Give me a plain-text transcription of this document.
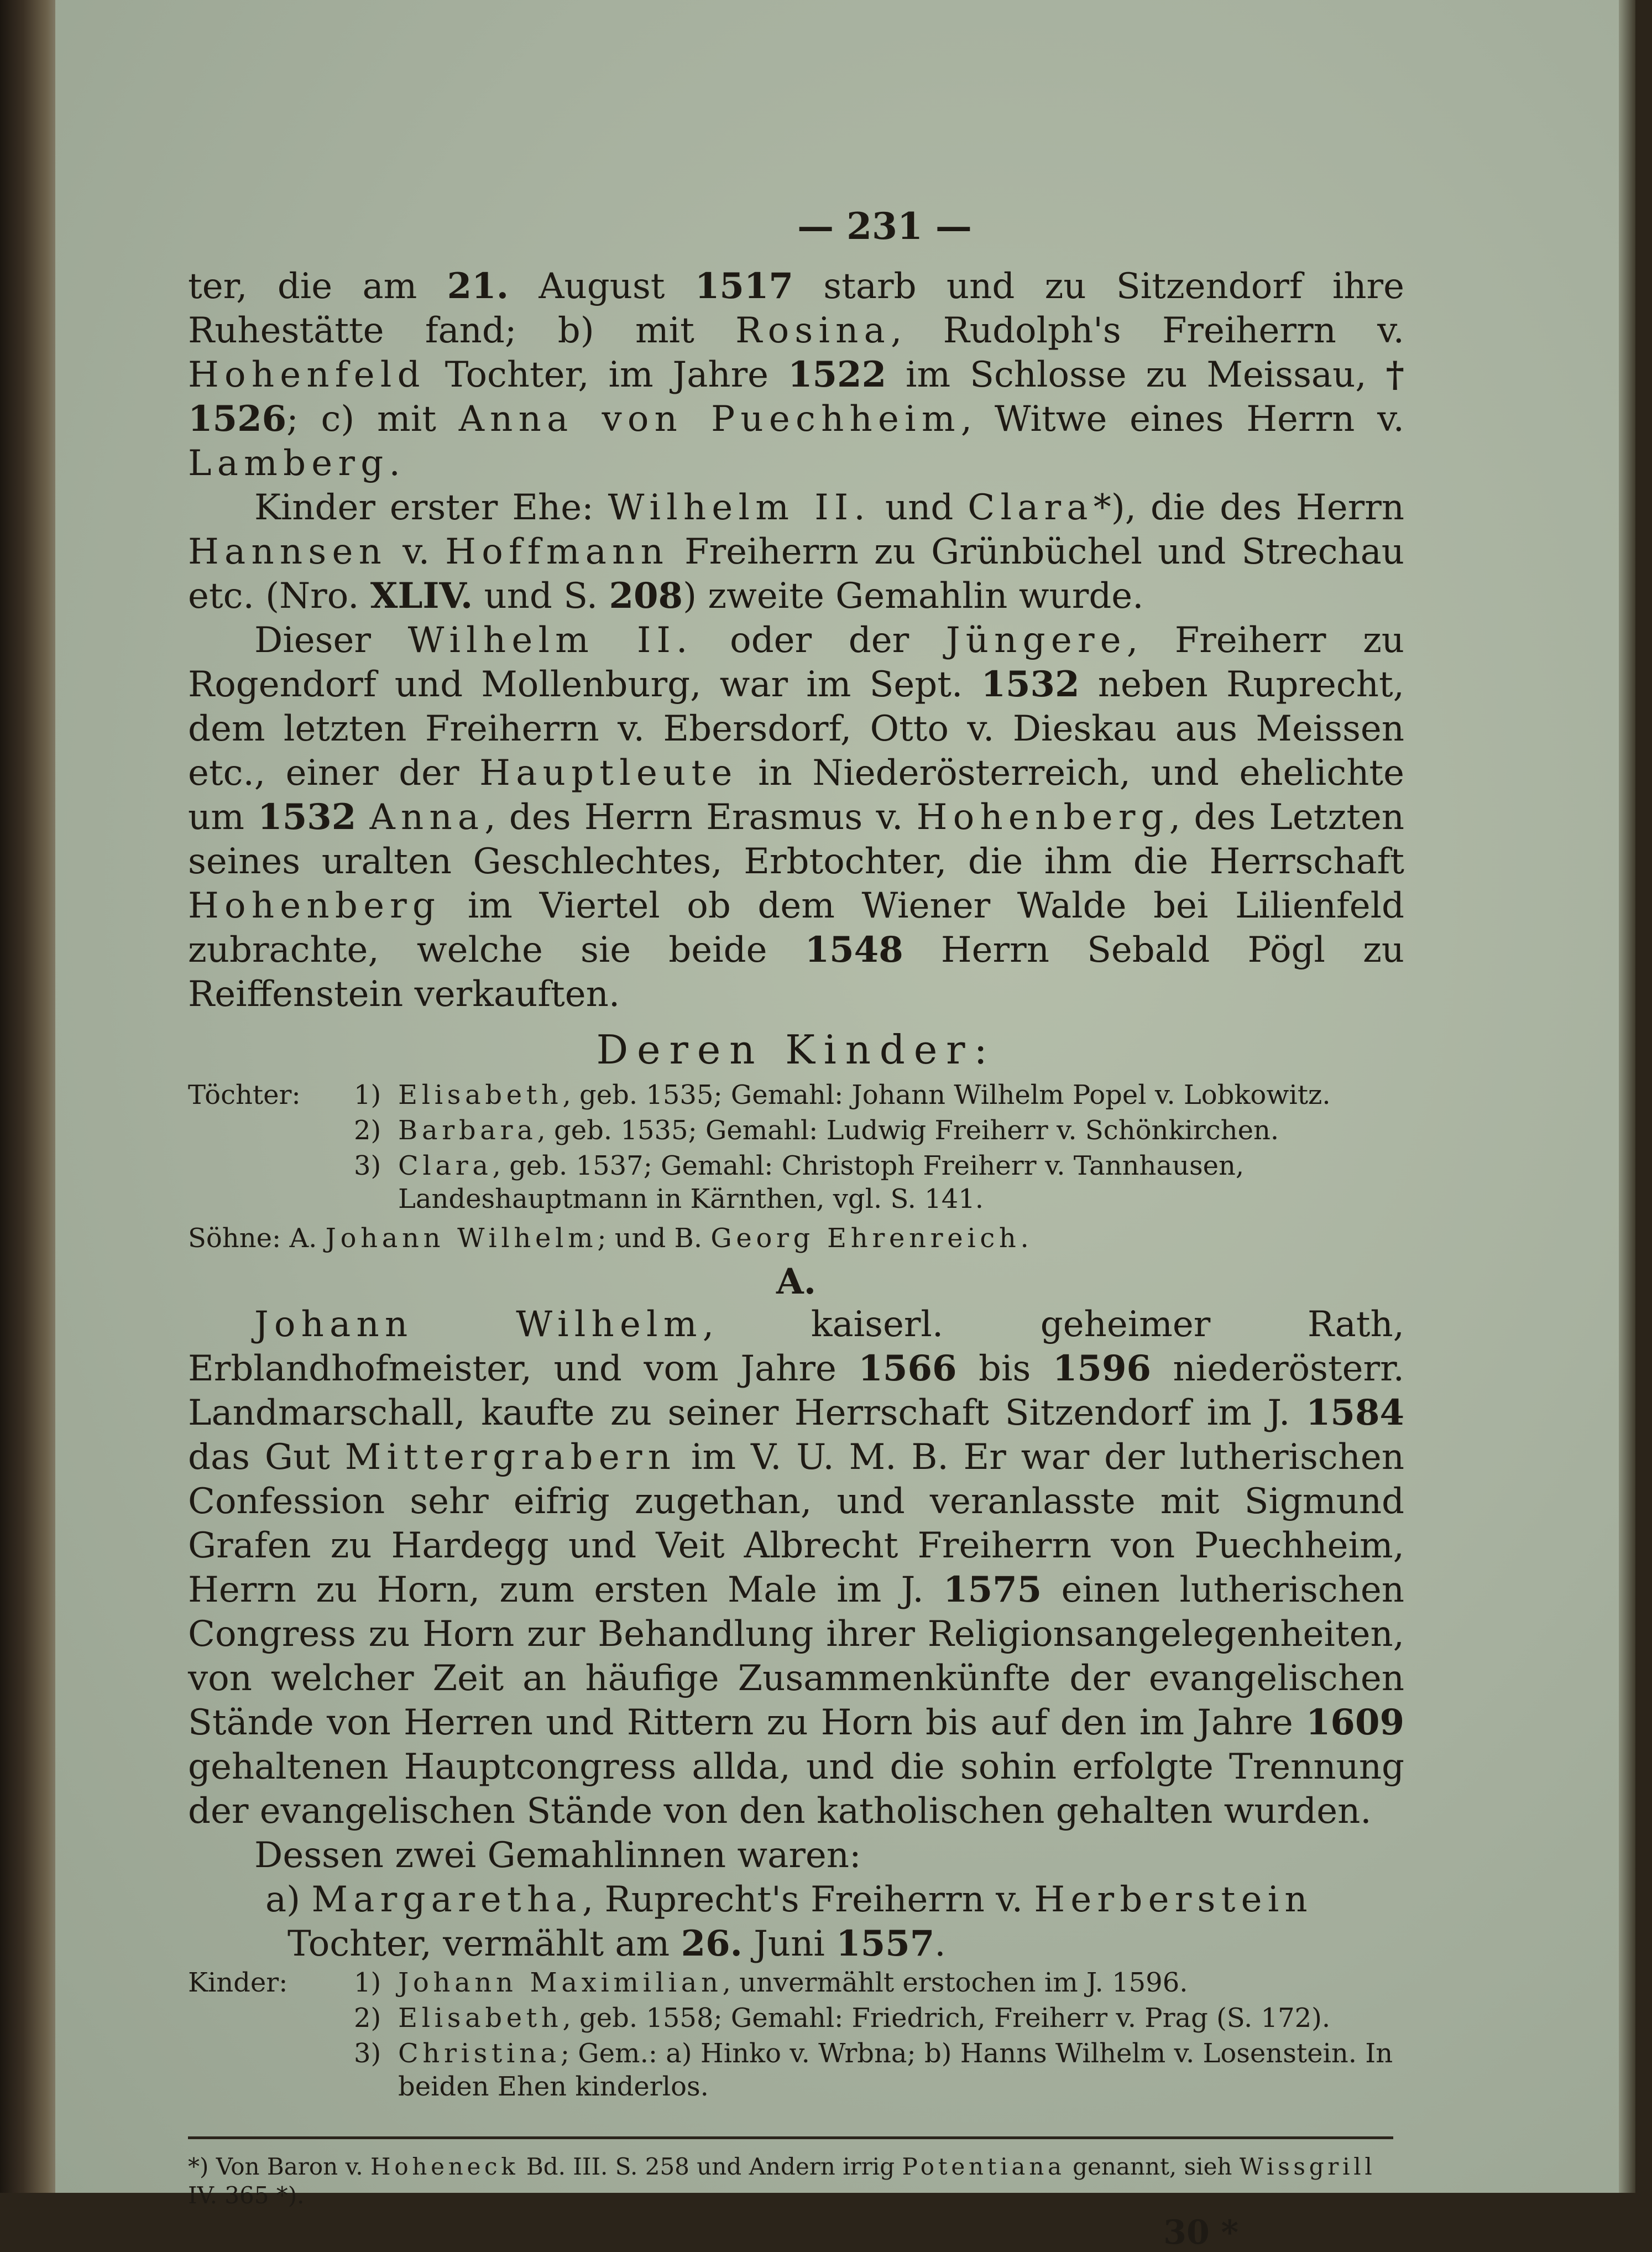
— 231 —

ter, die am 21. August 1517 starb und zu Sitzendorf ihre Ruhestätte fand; b) mit Rosina, Rudolph's Freiherrn v. Hohenfeld Tochter, im Jahre 1522 im Schlosse zu Meissau, † 1526; c) mit Anna von Puechheim, Witwe eines Herrn v. Lamberg.

Kinder erster Ehe: Wilhelm II. und Clara*), die des Herrn Hannsen v. Hoffmann Freiherrn zu Grünbüchel und Strechau etc. (Nro. XLIV. und S. 208) zweite Gemahlin wurde.

Dieser Wilhelm II. oder der Jüngere, Freiherr zu Rogendorf und Mollenburg, war im Sept. 1532 neben Ruprecht, dem letzten Freiherrn v. Ebersdorf, Otto v. Dieskau aus Meissen etc., einer der Hauptleute in Niederösterreich, und ehelichte um 1532 Anna, des Herrn Erasmus v. Hohenberg, des Letzten seines uralten Geschlechtes, Erbtochter, die ihm die Herrschaft Hohenberg im Viertel ob dem Wiener Walde bei Lilienfeld zubrachte, welche sie beide 1548 Herrn Sebald Pögl zu Reiffenstein verkauften.

Deren Kinder:
Töchter:	1)	Elisabeth, geb. 1535; Gemahl: Johann Wilhelm Popel v. Lobkowitz.
	2)	Barbara, geb. 1535; Gemahl: Ludwig Freiherr v. Schönkirchen.
	3)	Clara, geb. 1537; Gemahl: Christoph Freiherr v. Tannhausen, Landeshauptmann in Kärnthen, vgl. S. 141.

Söhne: A. Johann Wilhelm; und B. Georg Ehrenreich.

A.

Johann Wilhelm, kaiserl. geheimer Rath, Erblandhofmeister, und vom Jahre 1566 bis 1596 niederösterr. Landmarschall, kaufte zu seiner Herrschaft Sitzendorf im J. 1584 das Gut Mittergrabern im V. U. M. B. Er war der lutherischen Confession sehr eifrig zugethan, und veranlasste mit Sigmund Grafen zu Hardegg und Veit Albrecht Freiherrn von Puechheim, Herrn zu Horn, zum ersten Male im J. 1575 einen lutherischen Congress zu Horn zur Behandlung ihrer Religionsangelegenheiten, von welcher Zeit an häufige Zusammenkünfte der evangelischen Stände von Herren und Rittern zu Horn bis auf den im Jahre 1609 gehaltenen Hauptcongress allda, und die sohin erfolgte Trennung der evangelischen Stände von den katholischen gehalten wurden.

Dessen zwei Gemahlinnen waren:

a) Margaretha, Ruprecht's Freiherrn v. Herberstein Tochter, vermählt am 26. Juni 1557.

Kinder:	1)	Johann Maximilian, unvermählt erstochen im J. 1596.
	2)	Elisabeth, geb. 1558; Gemahl: Friedrich, Freiherr v. Prag (S. 172).
	3)	Christina; Gem.: a) Hinko v. Wrbna; b) Hanns Wilhelm v. Losenstein. In beiden Ehen kinderlos.

*) Von Baron v. Hoheneck Bd. III. S. 258 und Andern irrig Potentiana genannt, sieh Wissgrill IV. 365 *).

30 *
